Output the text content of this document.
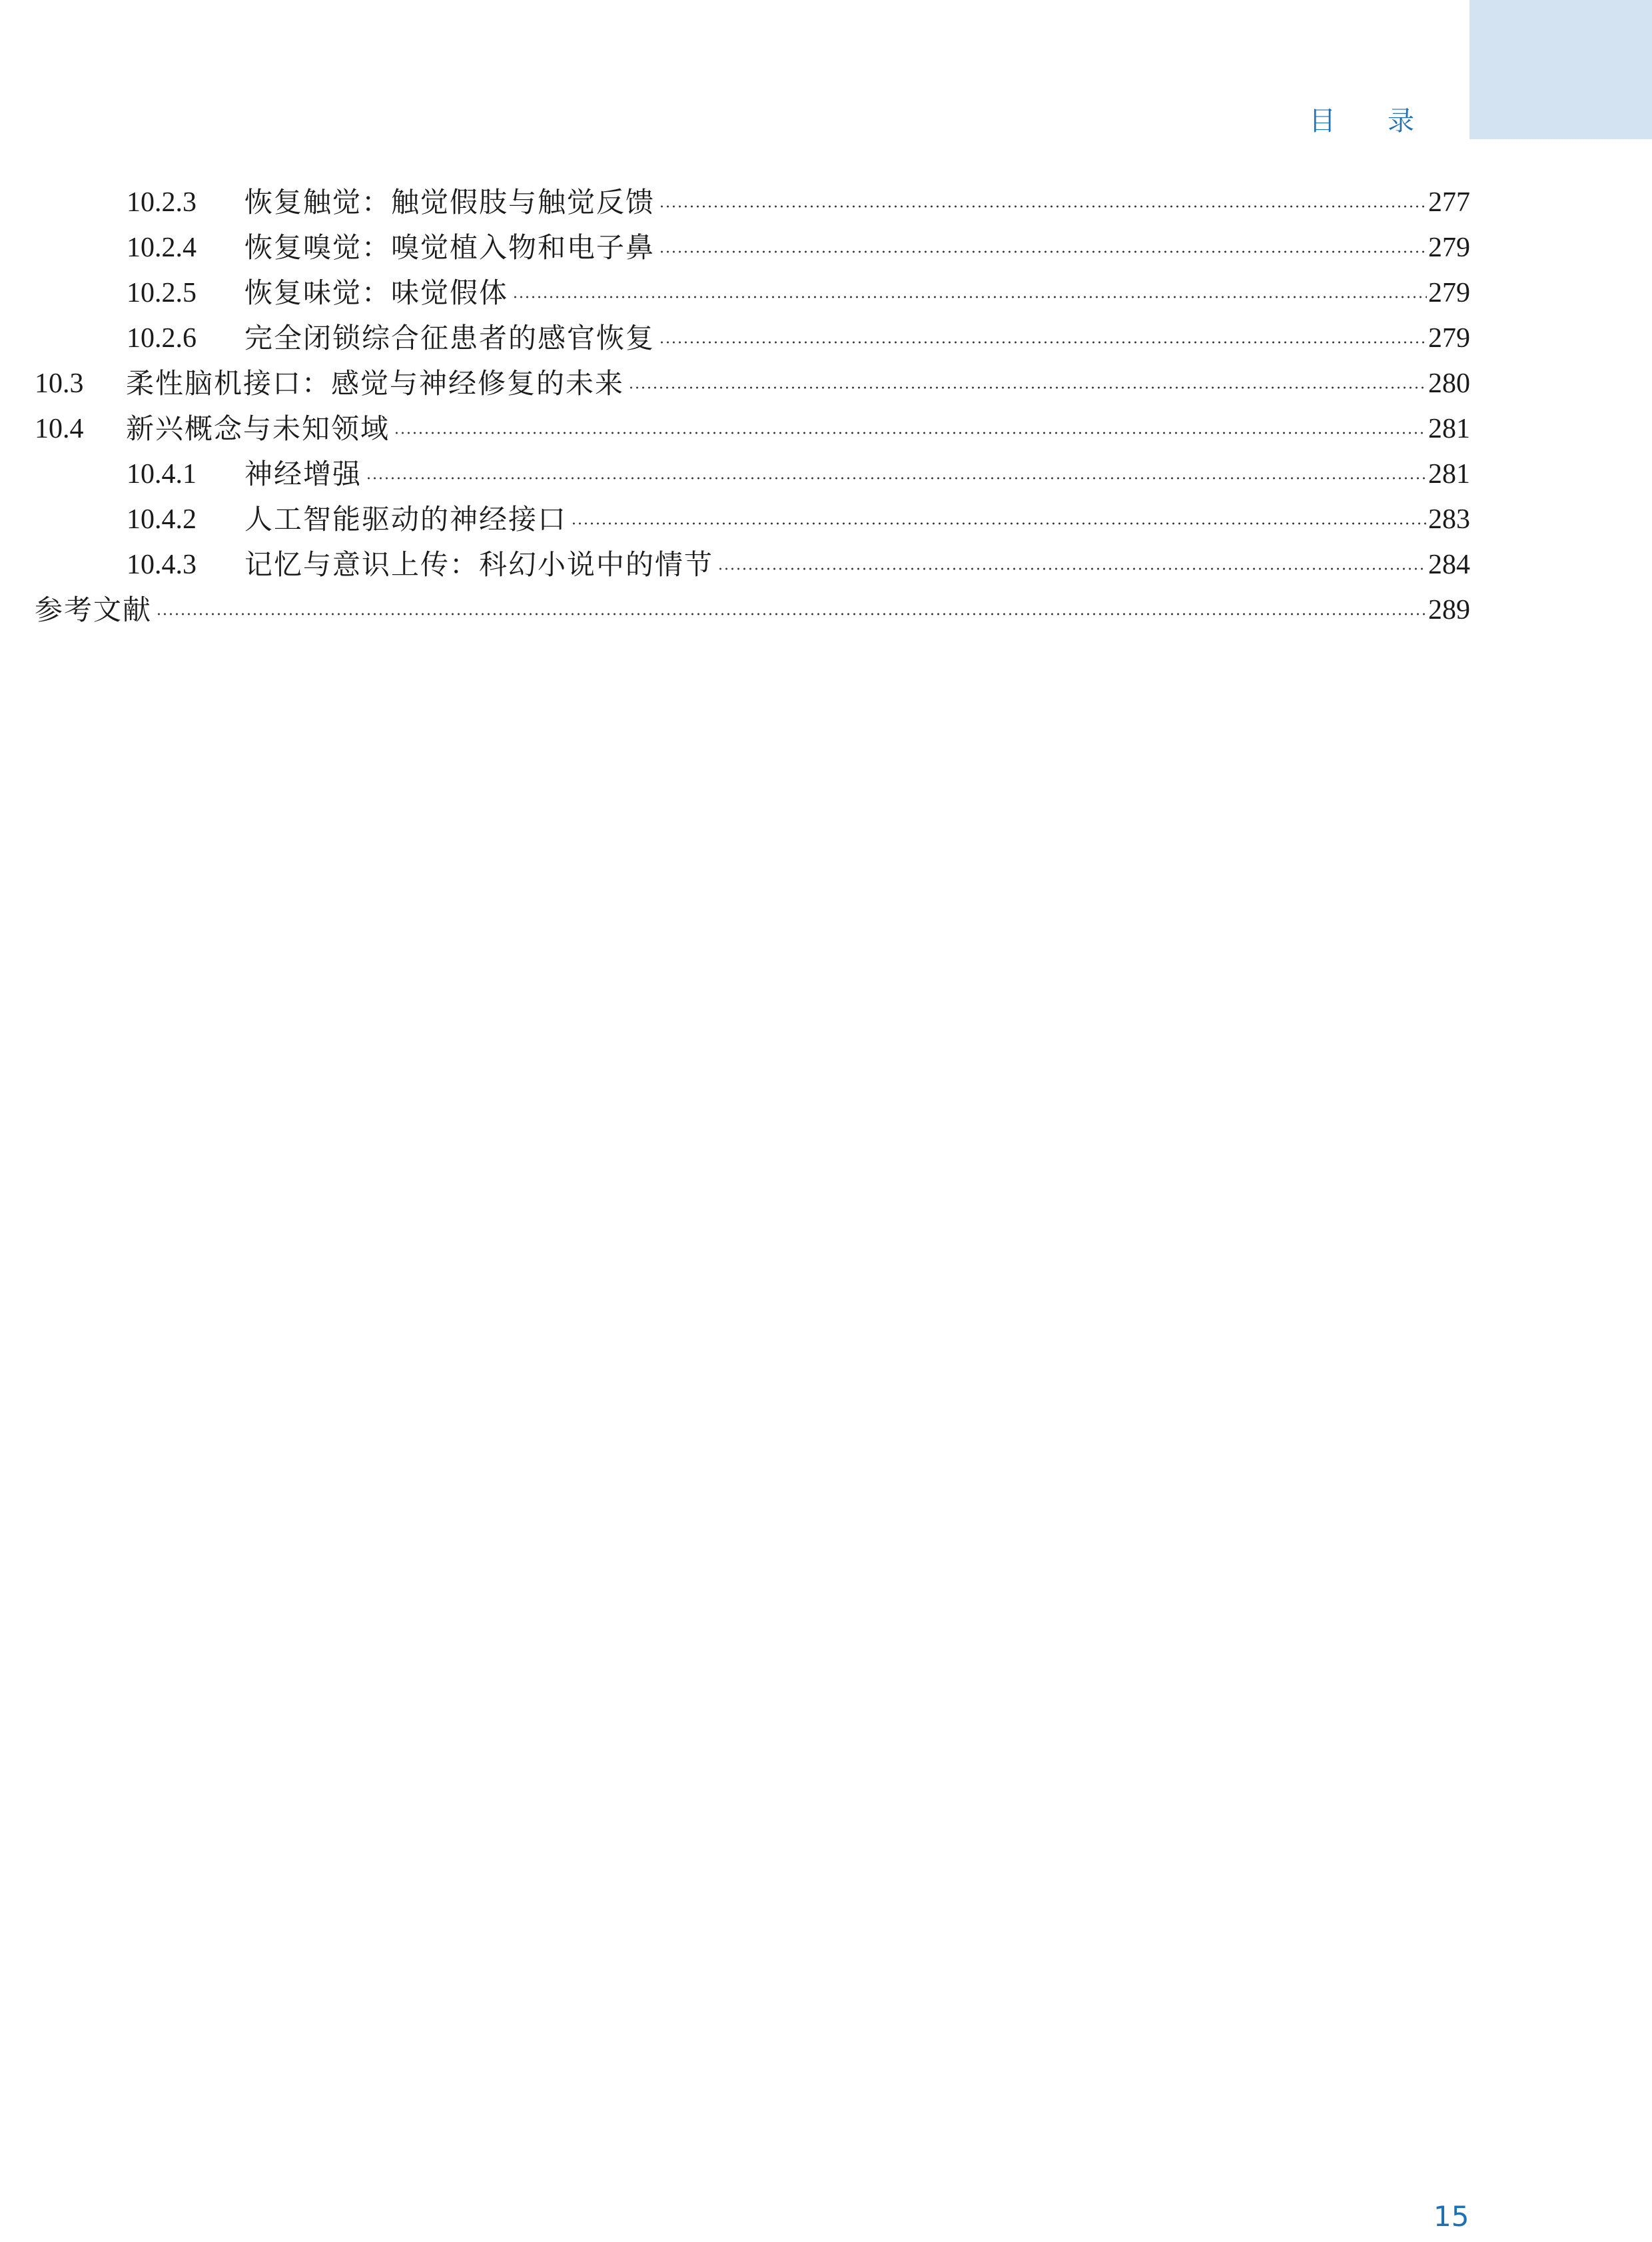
目 录
10.2.3	恢复触觉：触觉假肢与触觉反馈	277
10.2.4	恢复嗅觉：嗅觉植入物和电子鼻	279
10.2.5	恢复味觉：味觉假体	279
10.2.6	完全闭锁综合征患者的感官恢复	279
10.3	柔性脑机接口：感觉与神经修复的未来	280
10.4	新兴概念与未知领域	281
10.4.1	神经增强	281
10.4.2	人工智能驱动的神经接口	283
10.4.3	记忆与意识上传：科幻小说中的情节	284
参考文献	289
15
